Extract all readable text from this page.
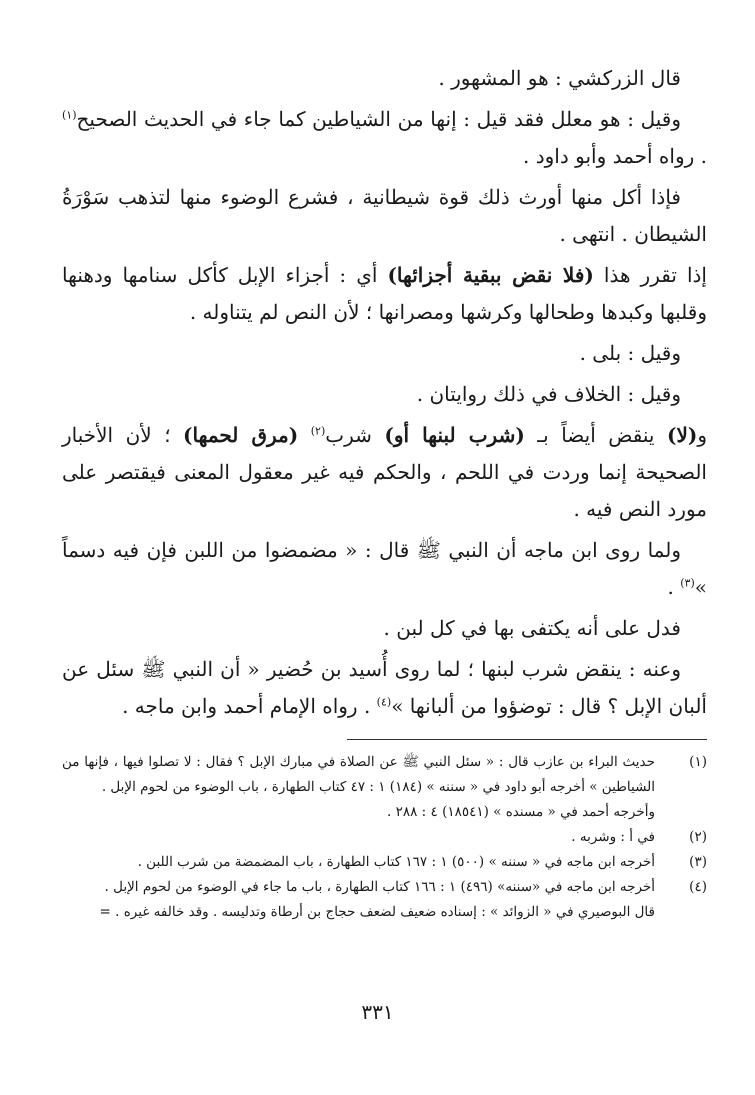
قال الزركشي : هو المشهور .

وقيل : هو معلل فقد قيل : إنها من الشياطين كما جاء في الحديث الصحيح$^{(١)}$ . رواه أحمد وأبو داود .

فإذا أكل منها أورث ذلك قوة شيطانية ، فشرع الوضوء منها لتذهب سَوْرَةُ الشيطان . انتهى .

إذا تقرر هذا (فلا نقض ببقية أجزائها) أي : أجزاء الإبل كأكل سنامها ودهنها وقلبها وكبدها وطحالها وكرشها ومصرانها ؛ لأن النص لم يتناوله .

وقيل : بلى .

وقيل : الخلاف في ذلك روايتان .

و(لا) ينقض أيضاً بـ (شرب لبنها أو) شرب$^{(٢)}$ (مرق لحمها) ؛ لأن الأخبار الصحيحة إنما وردت في اللحم ، والحكم فيه غير معقول المعنى فيقتصر على مورد النص فيه .

ولما روى ابن ماجه أن النبي ﷺ قال : « مضمضوا من اللبن فإن فيه دسماً »$^{(٣)}$ .

فدل على أنه يكتفى بها في كل لبن .

وعنه : ينقض شرب لبنها ؛ لما روى أُسيد بن حُضير « أن النبي ﷺ سئل عن ألبان الإبل ؟ قال : توضؤوا من ألبانها »$^{(٤)}$ . رواه الإمام أحمد وابن ماجه .

(١)
حديث البراء بن عازب قال : « سئل النبي ﷺ عن الصلاة في مبارك الإبل ؟ فقال : لا تصلوا فيها ، فإنها من الشياطين » أخرجه أبو داود في « سننه » (١٨٤) ١ : ٤٧ كتاب الطهارة ، باب الوضوء من لحوم الإبل .
وأخرجه أحمد في « مسنده » (١٨٥٤١) ٤ : ٢٨٨ .
(٢)
في أ : وشربه .
(٣)
أخرجه ابن ماجه في « سننه » (٥٠٠) ١ : ١٦٧ كتاب الطهارة ، باب المضمضة من شرب اللبن .
(٤)
أخرجه ابن ماجه في «سننه» (٤٩٦) ١ : ١٦٦ كتاب الطهارة ، باب ما جاء في الوضوء من لحوم الإبل .
قال البوصيري في « الزوائد » : إسناده ضعيف لضعف حجاج بن أرطاة وتدليسه . وقد خالفه غيره . =
٣٣١
